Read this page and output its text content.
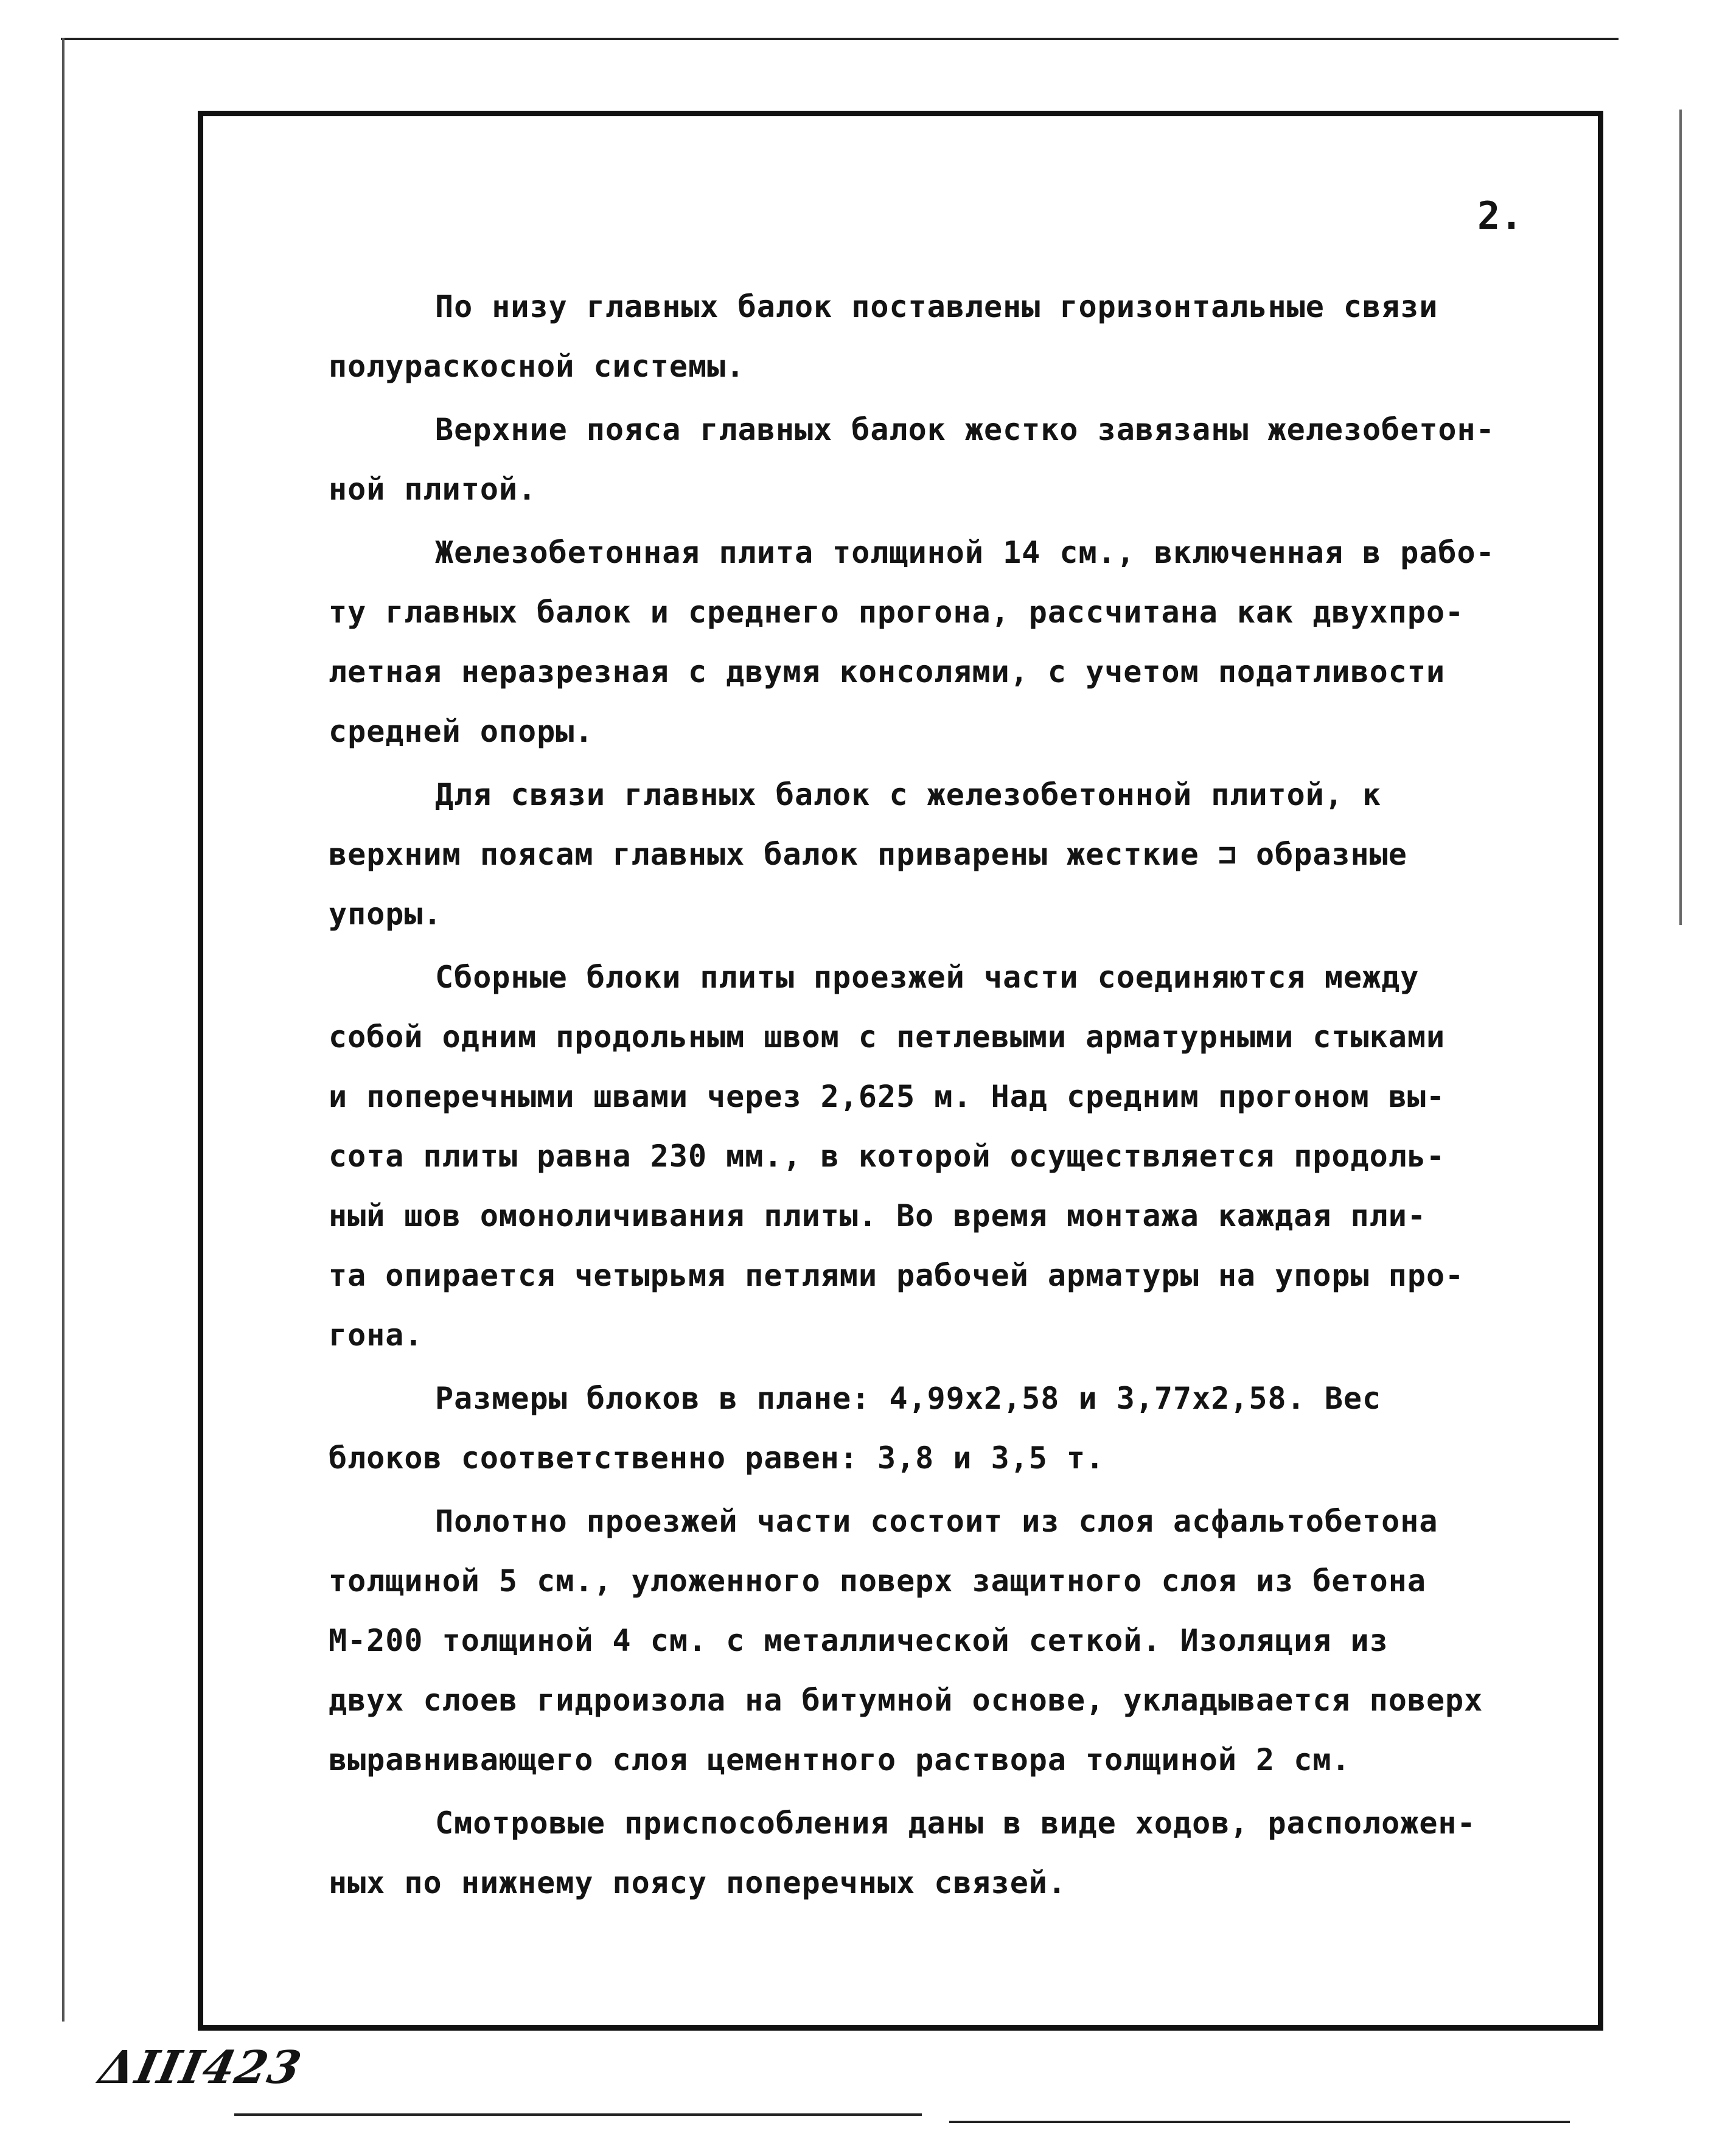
2.

По низу главных балок поставлены горизонтальные связи
полураскосной системы.

Верхние пояса главных балок жестко завязаны железобетон-
ной плитой.

Железобетонная плита толщиной 14 см., включенная в рабо-
ту главных балок и среднего прогона, рассчитана как двухпро-
летная неразрезная с двумя консолями, с учетом податливости
средней опоры.

Для связи главных балок с железобетонной плитой, к
верхним поясам главных балок приварены жесткие ⊐ образные
упоры.

Сборные блоки плиты проезжей части соединяются между
собой одним продольным швом с петлевыми арматурными стыками
и поперечными швами через 2,625 м. Над средним прогоном вы-
сота плиты равна 230 мм., в которой осуществляется продоль-
ный шов омоноличивания плиты. Во время монтажа каждая пли-
та опирается четырьмя петлями рабочей арматуры на упоры про-
гона.

Размеры блоков в плане: 4,99х2,58 и 3,77х2,58. Вес
блоков соответственно равен: 3,8 и 3,5 т.

Полотно проезжей части состоит из слоя асфальтобетона
толщиной 5 см., уложенного поверх защитного слоя из бетона
М-200 толщиной 4 см. с металлической сеткой. Изоляция из
двух слоев гидроизола на битумной основе, укладывается поверх
выравнивающего слоя цементного раствора толщиной 2 см.

Смотровые приспособления даны в виде ходов, расположен-
ных по нижнему поясу поперечных связей.

ΔIII423
